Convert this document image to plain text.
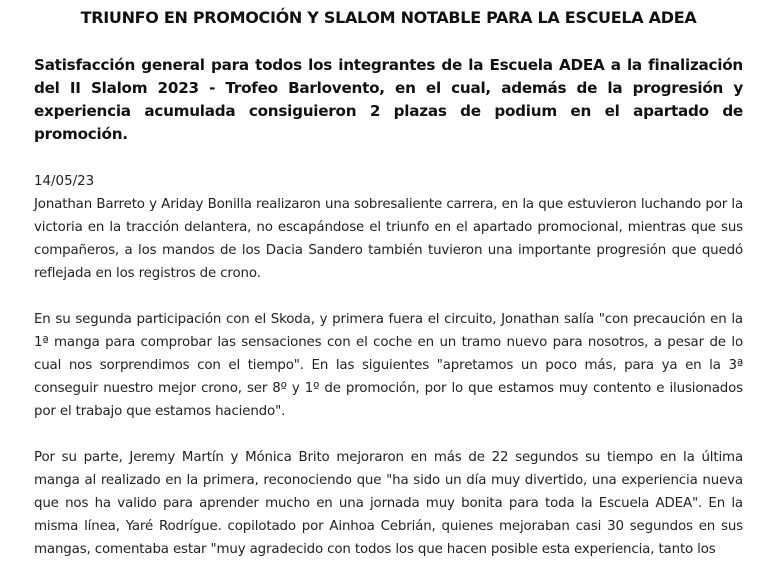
TRIUNFO EN PROMOCIÓN Y SLALOM NOTABLE PARA LA ESCUELA ADEA

Satisfacción general para todos los integrantes de la Escuela ADEA a la finalización del II Slalom 2023 - Trofeo Barlovento, en el cual, además de la progresión y experiencia acumulada consiguieron 2 plazas de podium en el apartado de promoción.

14/05/23

Jonathan Barreto y Ariday Bonilla realizaron una sobresaliente carrera, en la que estuvieron luchando por la victoria en la tracción delantera, no escapándose el triunfo en el apartado promocional, mientras que sus compañeros, a los mandos de los Dacia Sandero también tuvieron una importante progresión que quedó reflejada en los registros de crono.

En su segunda participación con el Skoda, y primera fuera el circuito, Jonathan salía "con precaución en la 1ª manga para comprobar las sensaciones con el coche en un tramo nuevo para nosotros, a pesar de lo cual nos sorprendimos con el tiempo". En las siguientes "apretamos un poco más, para ya en la 3ª conseguir nuestro mejor crono, ser 8º y 1º de promoción, por lo que estamos muy contento e ilusionados por el trabajo que estamos haciendo".

Por su parte, Jeremy Martín y Mónica Brito mejoraron en más de 22 segundos su tiempo en la última manga al realizado en la primera, reconociendo que "ha sido un día muy divertido, una experiencia nueva que nos ha valido para aprender mucho en una jornada muy bonita para toda la Escuela ADEA". En la misma línea, Yaré Rodrígue. copilotado por Ainhoa Cebrián, quienes mejoraban casi 30 segundos en sus mangas, comentaba estar "muy agradecido con todos los que hacen posible esta experiencia, tanto los
